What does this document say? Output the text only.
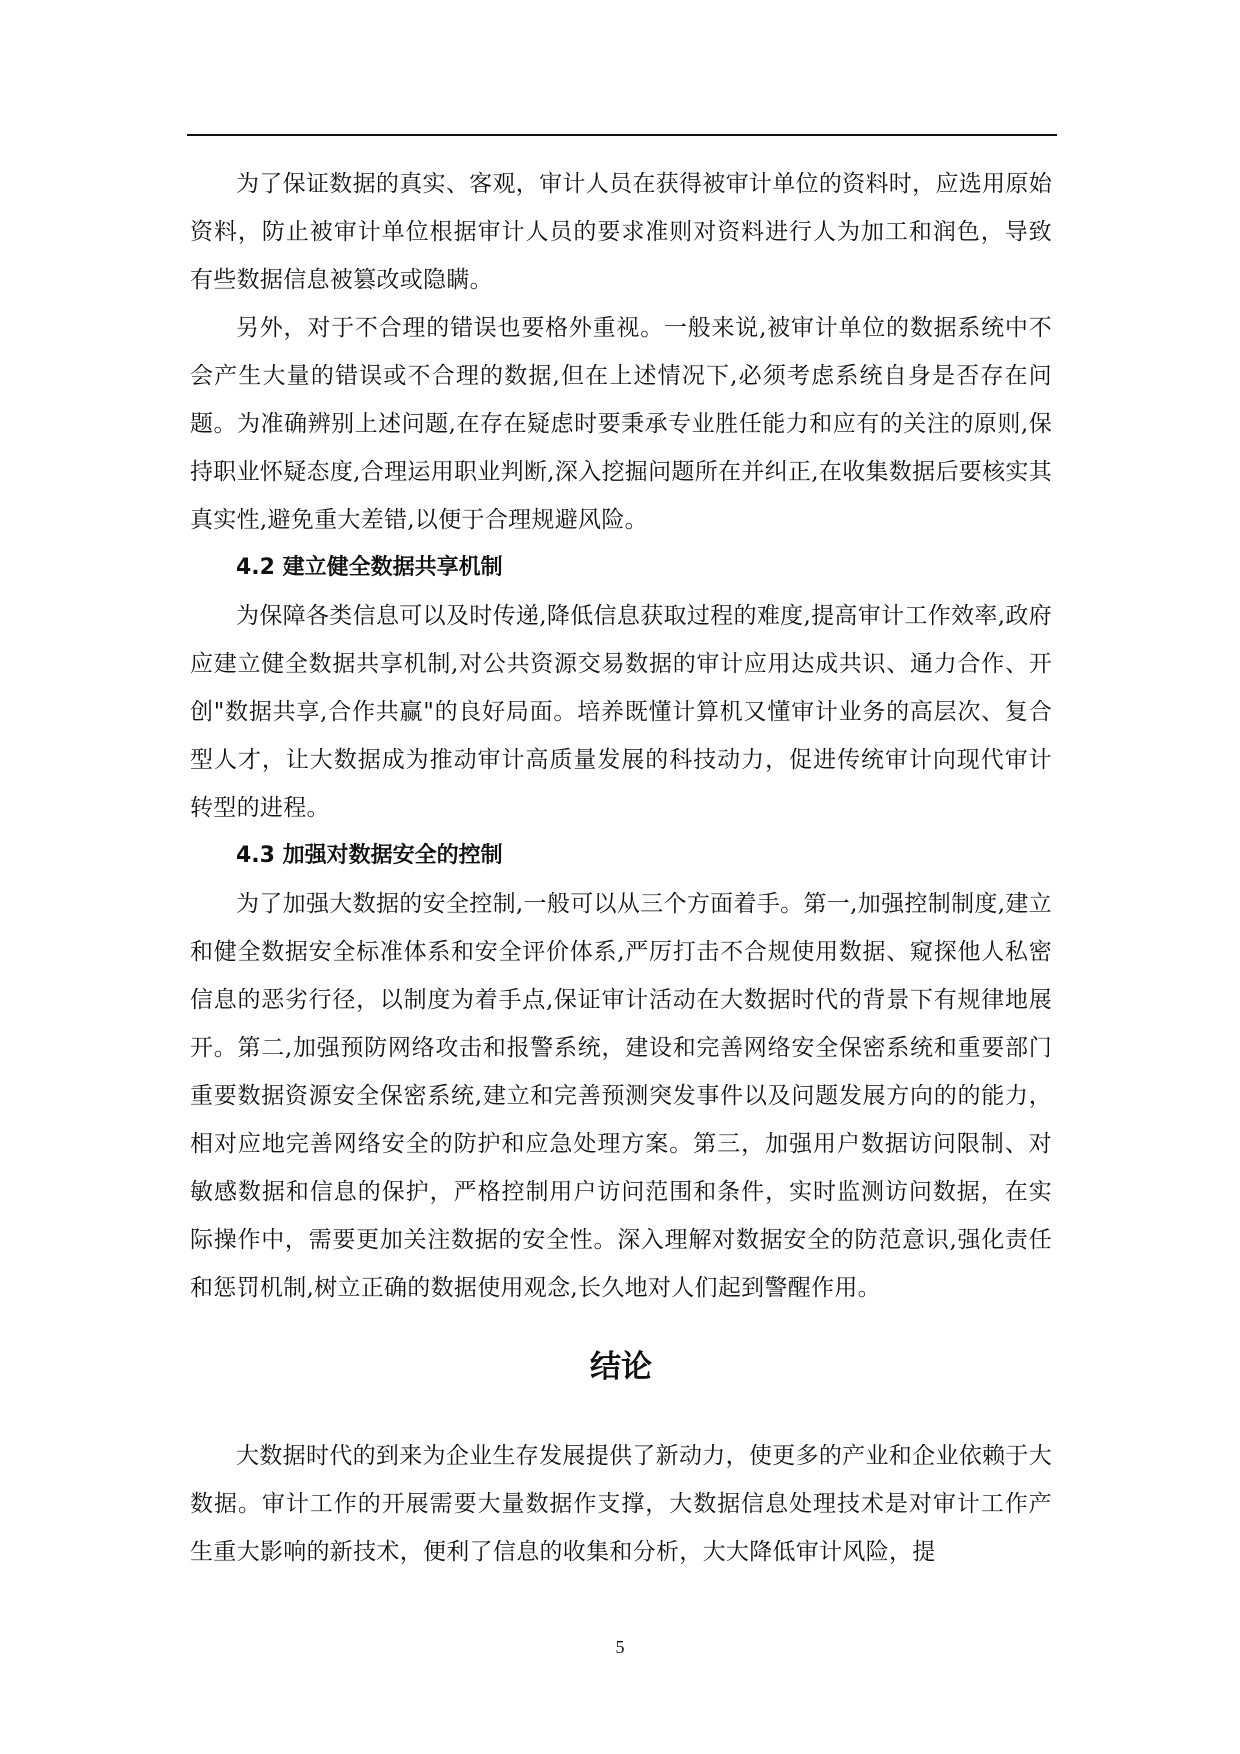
为了保证数据的真实、客观，审计人员在获得被审计单位的资料时，应选用原始资料，防止被审计单位根据审计人员的要求准则对资料进行人为加工和润色，导致有些数据信息被篡改或隐瞒。

另外，对于不合理的错误也要格外重视。一般来说,被审计单位的数据系统中不会产生大量的错误或不合理的数据,但在上述情况下,必须考虑系统自身是否存在问题。为准确辨别上述问题,在存在疑虑时要秉承专业胜任能力和应有的关注的原则,保持职业怀疑态度,合理运用职业判断,深入挖掘问题所在并纠正,在收集数据后要核实其真实性,避免重大差错,以便于合理规避风险。

4.2 建立健全数据共享机制

为保障各类信息可以及时传递,降低信息获取过程的难度,提高审计工作效率,政府应建立健全数据共享机制,对公共资源交易数据的审计应用达成共识、通力合作、开创"数据共享,合作共赢"的良好局面。培养既懂计算机又懂审计业务的高层次、复合型人才，让大数据成为推动审计高质量发展的科技动力，促进传统审计向现代审计转型的进程。

4.3 加强对数据安全的控制

为了加强大数据的安全控制,一般可以从三个方面着手。第一,加强控制制度,建立和健全数据安全标准体系和安全评价体系,严厉打击不合规使用数据、窥探他人私密信息的恶劣行径，以制度为着手点,保证审计活动在大数据时代的背景下有规律地展开。第二,加强预防网络攻击和报警系统，建设和完善网络安全保密系统和重要部门重要数据资源安全保密系统,建立和完善预测突发事件以及问题发展方向的的能力，相对应地完善网络安全的防护和应急处理方案。第三，加强用户数据访问限制、对敏感数据和信息的保护，严格控制用户访问范围和条件，实时监测访问数据，在实际操作中，需要更加关注数据的安全性。深入理解对数据安全的防范意识,强化责任和惩罚机制,树立正确的数据使用观念,长久地对人们起到警醒作用。

结论

大数据时代的到来为企业生存发展提供了新动力，使更多的产业和企业依赖于大数据。审计工作的开展需要大量数据作支撑，大数据信息处理技术是对审计工作产生重大影响的新技术，便利了信息的收集和分析，大大降低审计风险，提

5
